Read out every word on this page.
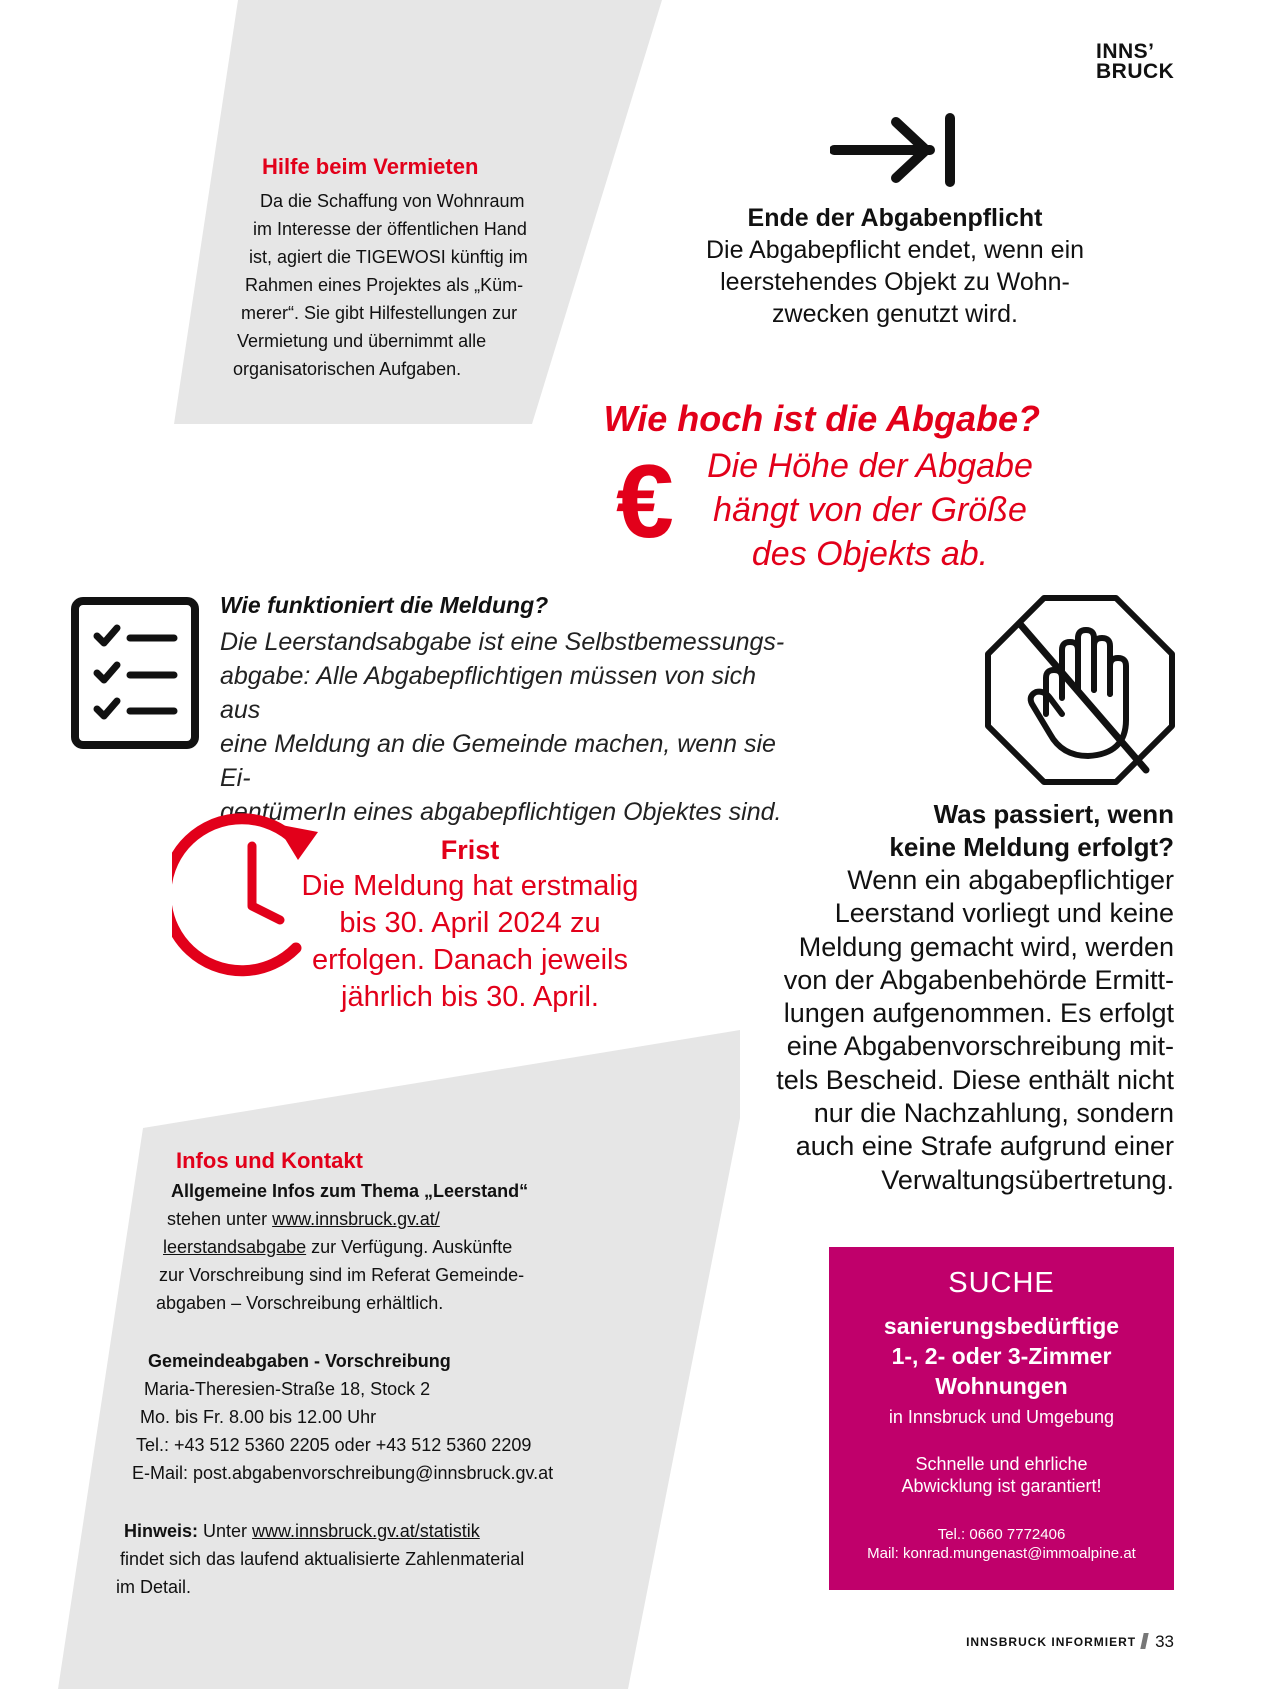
INNS’
BRUCK
Hilfe beim Vermieten
Da die Schaffung von Wohnraum
im Interesse der öffentlichen Hand
ist, agiert die TIGEWOSI künftig im
Rahmen eines Projektes als „Küm-
merer“. Sie gibt Hilfestellungen zur
Vermietung und übernimmt alle
organisatorischen Aufgaben.
Ende der Abgabenpflicht
Die Abgabepflicht endet, wenn ein
leerstehendes Objekt zu Wohn-
zwecken genutzt wird.
Wie hoch ist die Abgabe?
€ Die Höhe der Abgabe
hängt von der Größe
des Objekts ab.
Wie funktioniert die Meldung?
Die Leerstandsabgabe ist eine Selbstbemessungs-
abgabe: Alle Abgabepflichtigen müssen von sich aus
eine Meldung an die Gemeinde machen, wenn sie Ei-
gentümerIn eines abgabepflichtigen Objektes sind.
Frist
Die Meldung hat erstmalig
bis 30. April 2024 zu
erfolgen. Danach jeweils
jährlich bis 30. April.
Was passiert, wenn
keine Meldung erfolgt?
Wenn ein abgabepflichtiger
Leerstand vorliegt und keine
Meldung gemacht wird, werden
von der Abgabenbehörde Ermitt-
lungen aufgenommen. Es erfolgt
eine Abgabenvorschreibung mit-
tels Bescheid. Diese enthält nicht
nur die Nachzahlung, sondern
auch eine Strafe aufgrund einer
Verwaltungsübertretung.
Infos und Kontakt
Allgemeine Infos zum Thema „Leerstand“
stehen unter www.innsbruck.gv.at/
leerstandsabgabe zur Verfügung. Auskünfte
zur Vorschreibung sind im Referat Gemeinde-
abgaben – Vorschreibung erhältlich.
Gemeindeabgaben - Vorschreibung
Maria-Theresien-Straße 18, Stock 2
Mo. bis Fr. 8.00 bis 12.00 Uhr
Tel.: +43 512 5360 2205 oder +43 512 5360 2209
E-Mail: post.abgabenvorschreibung@innsbruck.gv.at
Hinweis: Unter www.innsbruck.gv.at/statistik
findet sich das laufend aktualisierte Zahlenmaterial
im Detail.
SUCHE
sanierungsbedürftige
1-, 2- oder 3-Zimmer
Wohnungen
in Innsbruck und Umgebung
Schnelle und ehrliche
Abwicklung ist garantiert!
Tel.: 0660 7772406
Mail: konrad.mungenast@immoalpine.at
INNSBRUCK INFORMIERT 33
